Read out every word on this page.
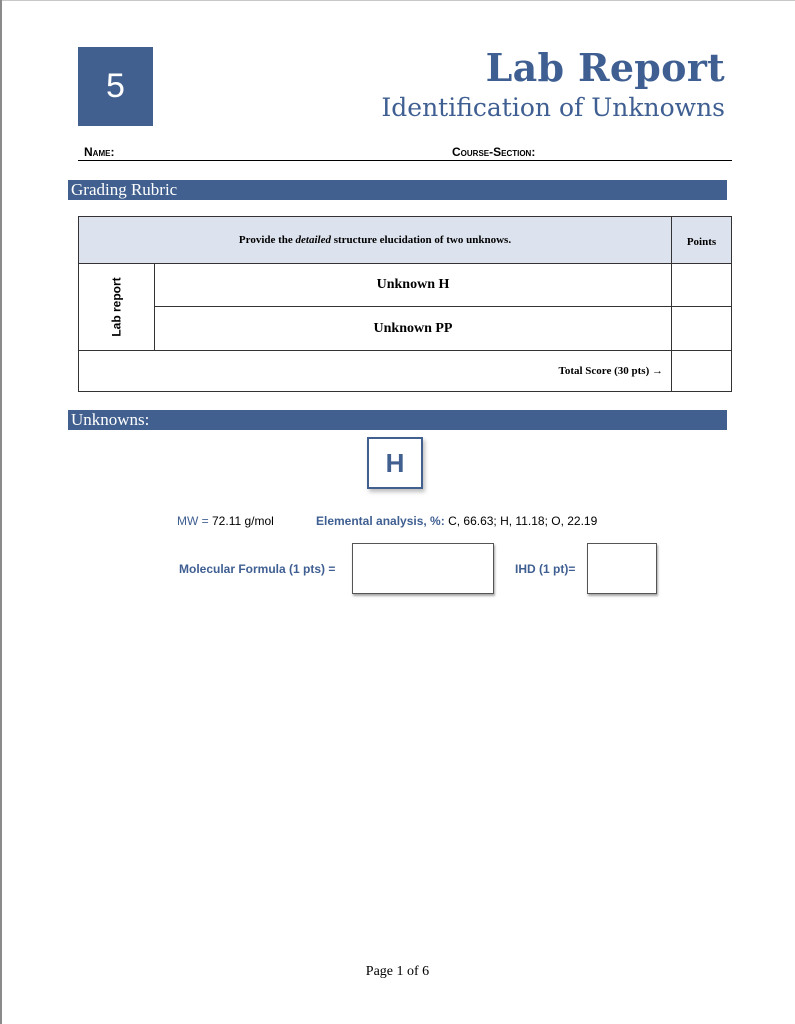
5	Lab Report
Identification of Unknowns
Name:	Course-Section:
Grading Rubric
Provide the detailed structure elucidation of two unknows.	Points
Lab report	Unknown H
Unknown PP
Total Score (30 pts) →
Unknowns:
H
MW = 72.11 g/mol	Elemental analysis, %: C, 66.63; H, 11.18; O, 22.19
Molecular Formula (1 pts) =	IHD (1 pt)=
Page 1 of 6
